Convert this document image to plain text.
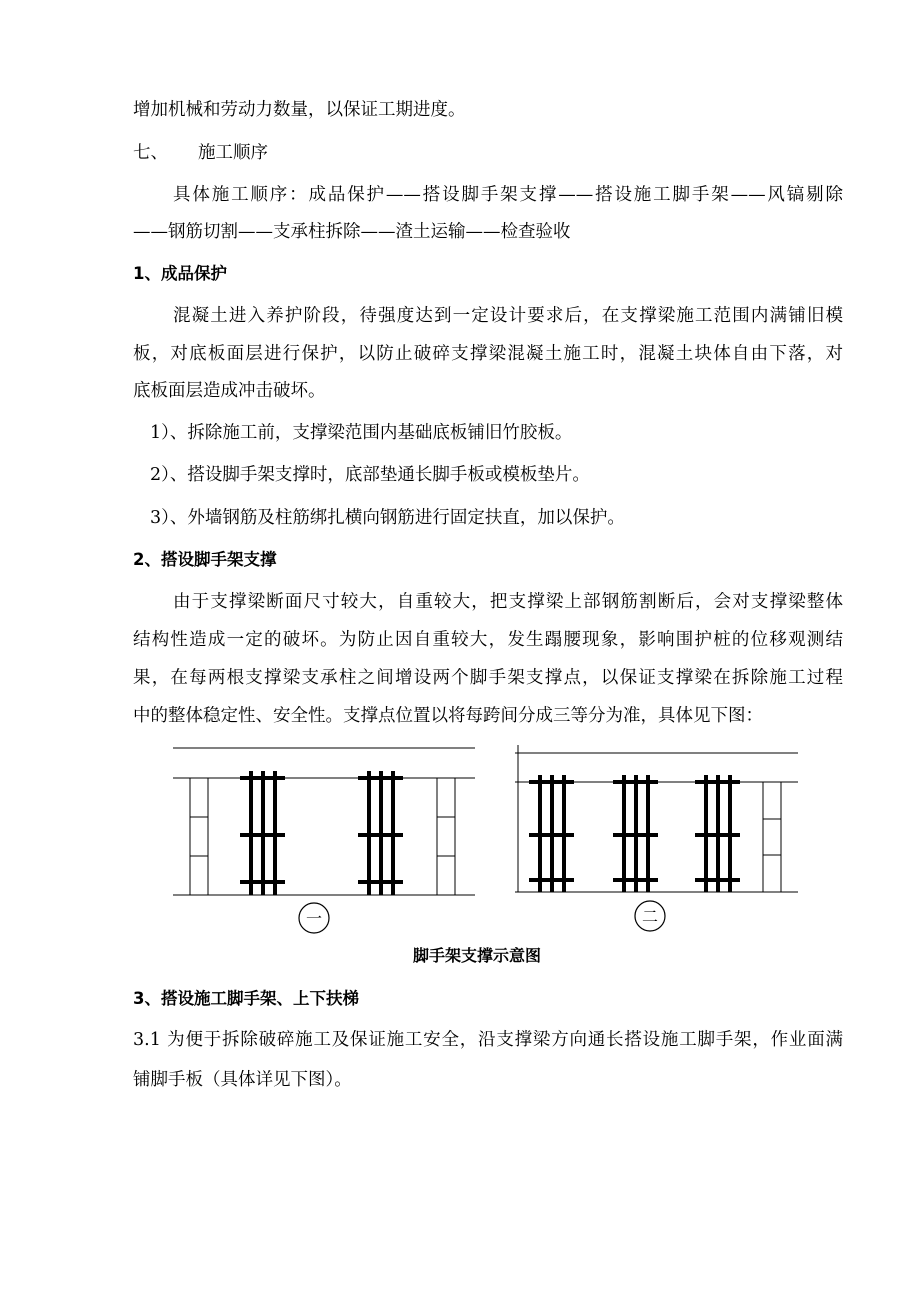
增加机械和劳动力数量，以保证工期进度。
七、 施工顺序
具体施工顺序：成品保护——搭设脚手架支撑——搭设施工脚手架——风镐剔除
——钢筋切割——支承柱拆除——渣土运输——检查验收
1、成品保护
混凝土进入养护阶段，待强度达到一定设计要求后，在支撑梁施工范围内满铺旧模
板，对底板面层进行保护，以防止破碎支撑梁混凝土施工时，混凝土块体自由下落，对
底板面层造成冲击破坏。
1）、拆除施工前，支撑梁范围内基础底板铺旧竹胶板。
2）、搭设脚手架支撑时，底部垫通长脚手板或模板垫片。
3）、外墙钢筋及柱筋绑扎横向钢筋进行固定扶直，加以保护。
2、搭设脚手架支撑
由于支撑梁断面尺寸较大，自重较大，把支撑梁上部钢筋割断后，会对支撑梁整体
结构性造成一定的破坏。为防止因自重较大，发生蹋腰现象，影响围护桩的位移观测结
果，在每两根支撑梁支承柱之间增设两个脚手架支撑点，以保证支撑梁在拆除施工过程
中的整体稳定性、安全性。支撑点位置以将每跨间分成三等分为准，具体见下图：
一	二
脚手架支撑示意图
3、搭设施工脚手架、上下扶梯
3.1 为便于拆除破碎施工及保证施工安全，沿支撑梁方向通长搭设施工脚手架，作业面满
铺脚手板（具体详见下图）。
